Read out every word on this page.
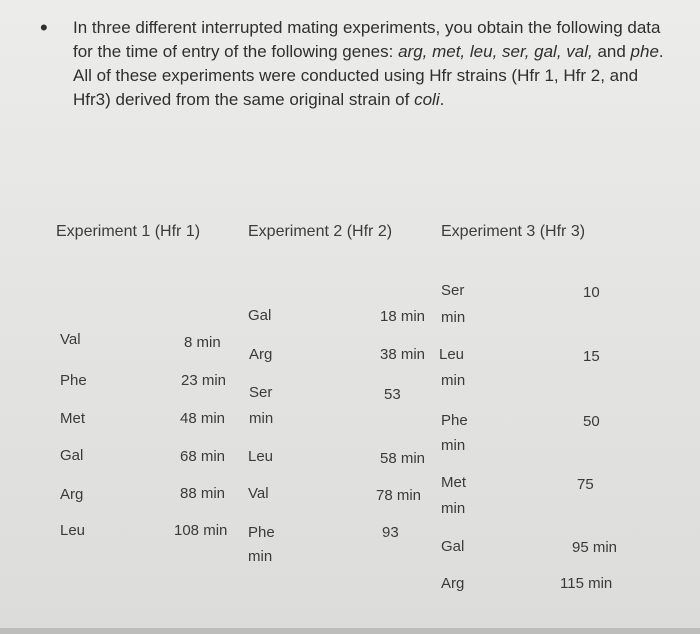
• In three different interrupted mating experiments, you obtain the following data for the time of entry of the following genes: arg, met, leu, ser, gal, val, and phe. All of these experiments were conducted using Hfr strains (Hfr 1, Hfr 2, and Hfr3) derived from the same original strain of coli.
Experiment 1 (Hfr 1)	Experiment 2 (Hfr 2)	Experiment 3 (Hfr 3)
Val
Phe
Met
Gal
Arg
Leu
8 min
23 min
48 min
68 min
88 min
108 min
Gal
Arg
Ser
min
Leu
Val
Phe
min
18 min
38 min
53
58 min
78 min
93
Ser
min
Leu
min
Phe
min
Met
min
Gal
Arg
10
15
50
75
95 min
115 min
